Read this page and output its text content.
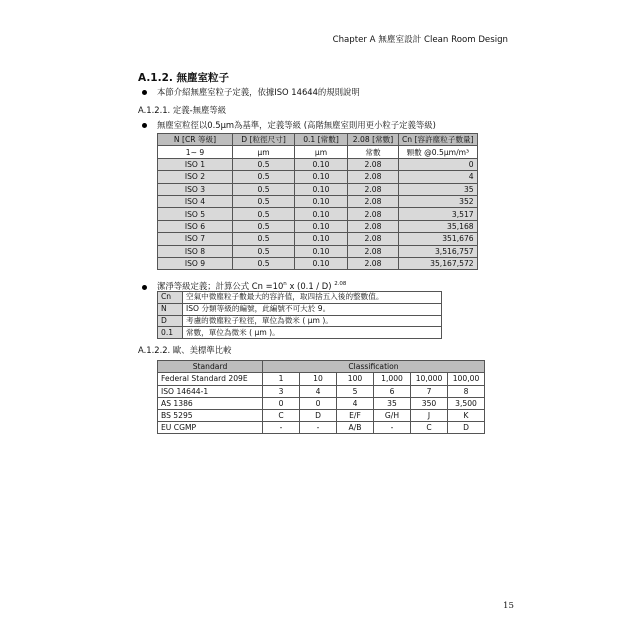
Chapter A 無塵室設計 Clean Room Design
A.1.2. 無塵室粒子
本節介紹無塵室粒子定義，依據ISO 14644的規則說明
A.1.2.1. 定義-無塵等級
無塵室粒徑以0.5µm為基準，定義等級 (高階無塵室則用更小粒子定義等級)
N [CR 等級]	D [粒徑尺寸]	0.1 [常數]	2.08 [常數]	Cn [容許塵粒子數量]
1~ 9	µm	µm	常數	顆數 @0.5µm/m³
ISO 1	0.5	0.10	2.08	0
ISO 2	0.5	0.10	2.08	4
ISO 3	0.5	0.10	2.08	35
ISO 4	0.5	0.10	2.08	352
ISO 5	0.5	0.10	2.08	3,517
ISO 6	0.5	0.10	2.08	35,168
ISO 7	0.5	0.10	2.08	351,676
ISO 8	0.5	0.10	2.08	3,516,757
ISO 9	0.5	0.10	2.08	35,167,572
潔淨等級定義；計算公式 $Cn =10^n$ x (0.1 / D) $^{2.08}$
Cn	空氣中微塵粒子數最大的容許值，取四捨五入後的整數值。
N	ISO 分類等級的編號，此編號不可大於 9。
D	考慮的微塵粒子粒徑，單位為微米 ( µm )。
0.1	常數，單位為微米 ( µm )。
A.1.2.2. 歐、美標準比較
Standard	Classification					
Federal Standard 209E	1	10	100	1,000	10,000	100,00
ISO 14644-1	3	4	5	6	7	8
AS 1386	0	0	4	35	350	3,500
BS 5295	C	D	E/F	G/H	J	K
EU CGMP	-	-	A/B	-	C	D
15
